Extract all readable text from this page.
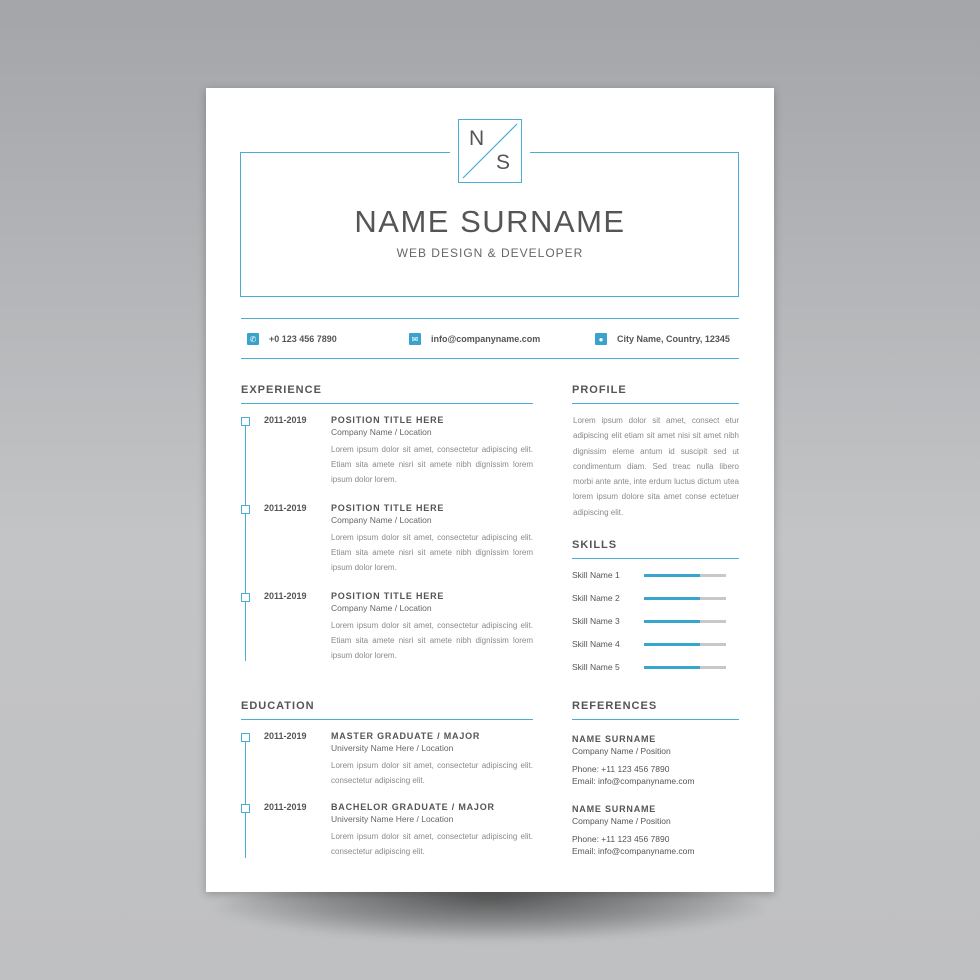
N
S
NAME SURNAME
WEB DESIGN & DEVELOPER
✆ +0 123 456 7890	✉ info@companyname.com	●	City Name, Country, 12345
EXPERIENCE
2011-2019	POSITION TITLE HERE
Company Name / Location
Lorem ipsum dolor sit amet, consectetur adipiscing elit. Etiam sita amete nisri sit amete nibh dignissim lorem ipsum dolor lorem.
2011-2019	POSITION TITLE HERE
Company Name / Location
Lorem ipsum dolor sit amet, consectetur adipiscing elit. Etiam sita amete nisri sit amete nibh dignissim lorem ipsum dolor lorem.
2011-2019	POSITION TITLE HERE
Company Name / Location
Lorem ipsum dolor sit amet, consectetur adipiscing elit. Etiam sita amete nisri sit amete nibh dignissim lorem ipsum dolor lorem.
PROFILE
Lorem ipsum dolor sit amet, consect etur adipiscing elit etiam sit amet nisi sit amet nibh dignissim eleme antum id suscipit sed ut condimentum diam. Sed treac nulla libero morbi ante ante, inte erdum luctus dictum utea lorem ipsum dolore sita amet conse ectetuer adipiscing elit.
SKILLS
Skill Name 1
Skill Name 2
Skill Name 3
Skill Name 4
Skill Name 5
EDUCATION
2011-2019	MASTER GRADUATE / MAJOR
University Name Here / Location
Lorem ipsum dolor sit amet, consectetur adipiscing elit. consectetur adipiscing elit.
2011-2019	BACHELOR GRADUATE / MAJOR
University Name Here / Location
Lorem ipsum dolor sit amet, consectetur adipiscing elit. consectetur adipiscing elit.
REFERENCES
NAME SURNAME
Company Name / Position
Phone: +11 123 456 7890
Email: info@companyname.com
NAME SURNAME
Company Name / Position
Phone: +11 123 456 7890
Email: info@companyname.com
